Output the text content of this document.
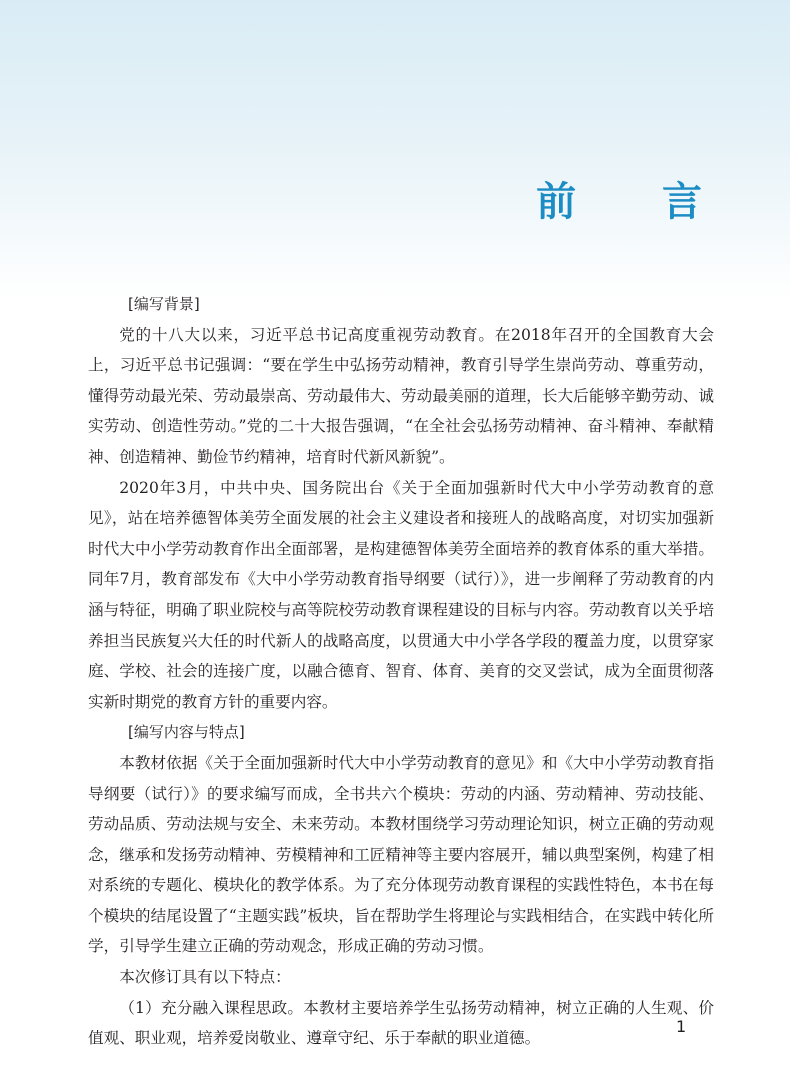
前 言

[编写背景]

党的十八大以来，习近平总书记高度重视劳动教育。在2018年召开的全国教育大会上，习近平总书记强调：“要在学生中弘扬劳动精神，教育引导学生崇尚劳动、尊重劳动，懂得劳动最光荣、劳动最崇高、劳动最伟大、劳动最美丽的道理，长大后能够辛勤劳动、诚实劳动、创造性劳动。”党的二十大报告强调，“在全社会弘扬劳动精神、奋斗精神、奉献精神、创造精神、勤俭节约精神，培育时代新风新貌”。

2020年3月，中共中央、国务院出台《关于全面加强新时代大中小学劳动教育的意见》，站在培养德智体美劳全面发展的社会主义建设者和接班人的战略高度，对切实加强新时代大中小学劳动教育作出全面部署，是构建德智体美劳全面培养的教育体系的重大举措。同年7月，教育部发布《大中小学劳动教育指导纲要（试行）》，进一步阐释了劳动教育的内涵与特征，明确了职业院校与高等院校劳动教育课程建设的目标与内容。劳动教育以关乎培养担当民族复兴大任的时代新人的战略高度，以贯通大中小学各学段的覆盖力度，以贯穿家庭、学校、社会的连接广度，以融合德育、智育、体育、美育的交叉尝试，成为全面贯彻落实新时期党的教育方针的重要内容。

[编写内容与特点]

本教材依据《关于全面加强新时代大中小学劳动教育的意见》和《大中小学劳动教育指导纲要（试行）》的要求编写而成，全书共六个模块：劳动的内涵、劳动精神、劳动技能、劳动品质、劳动法规与安全、未来劳动。本教材围绕学习劳动理论知识，树立正确的劳动观念，继承和发扬劳动精神、劳模精神和工匠精神等主要内容展开，辅以典型案例，构建了相对系统的专题化、模块化的教学体系。为了充分体现劳动教育课程的实践性特色，本书在每个模块的结尾设置了“主题实践”板块，旨在帮助学生将理论与实践相结合，在实践中转化所学，引导学生建立正确的劳动观念，形成正确的劳动习惯。

本次修订具有以下特点：

（1）充分融入课程思政。本教材主要培养学生弘扬劳动精神，树立正确的人生观、价值观、职业观，培养爱岗敬业、遵章守纪、乐于奉献的职业道德。

1
